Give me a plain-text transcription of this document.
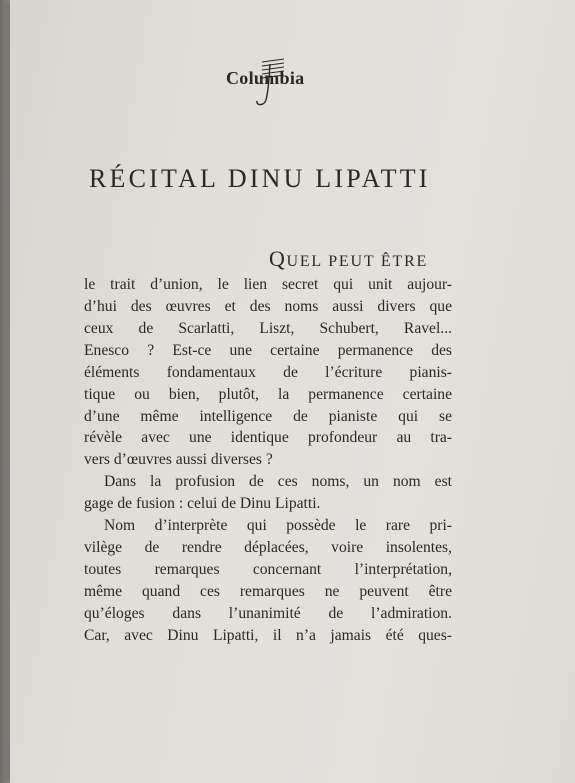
Columbia
RÉCITAL DINU LIPATTI
QUEL PEUT ÊTRE
le trait d’union, le lien secret qui unit aujour-
d’hui des œuvres et des noms aussi divers que
ceux de Scarlatti, Liszt, Schubert, Ravel...
Enesco ? Est-ce une certaine permanence des
éléments fondamentaux de l’écriture pianis-
tique ou bien, plutôt, la permanence certaine
d’une même intelligence de pianiste qui se
révèle avec une identique profondeur au tra-
vers d’œuvres aussi diverses ?
Dans la profusion de ces noms, un nom est
gage de fusion : celui de Dinu Lipatti.
Nom d’interprète qui possède le rare pri-
vilège de rendre déplacées, voire insolentes,
toutes remarques concernant l’interprétation,
même quand ces remarques ne peuvent être
qu’éloges dans l’unanimité de l’admiration.
Car, avec Dinu Lipatti, il n’a jamais été ques-
